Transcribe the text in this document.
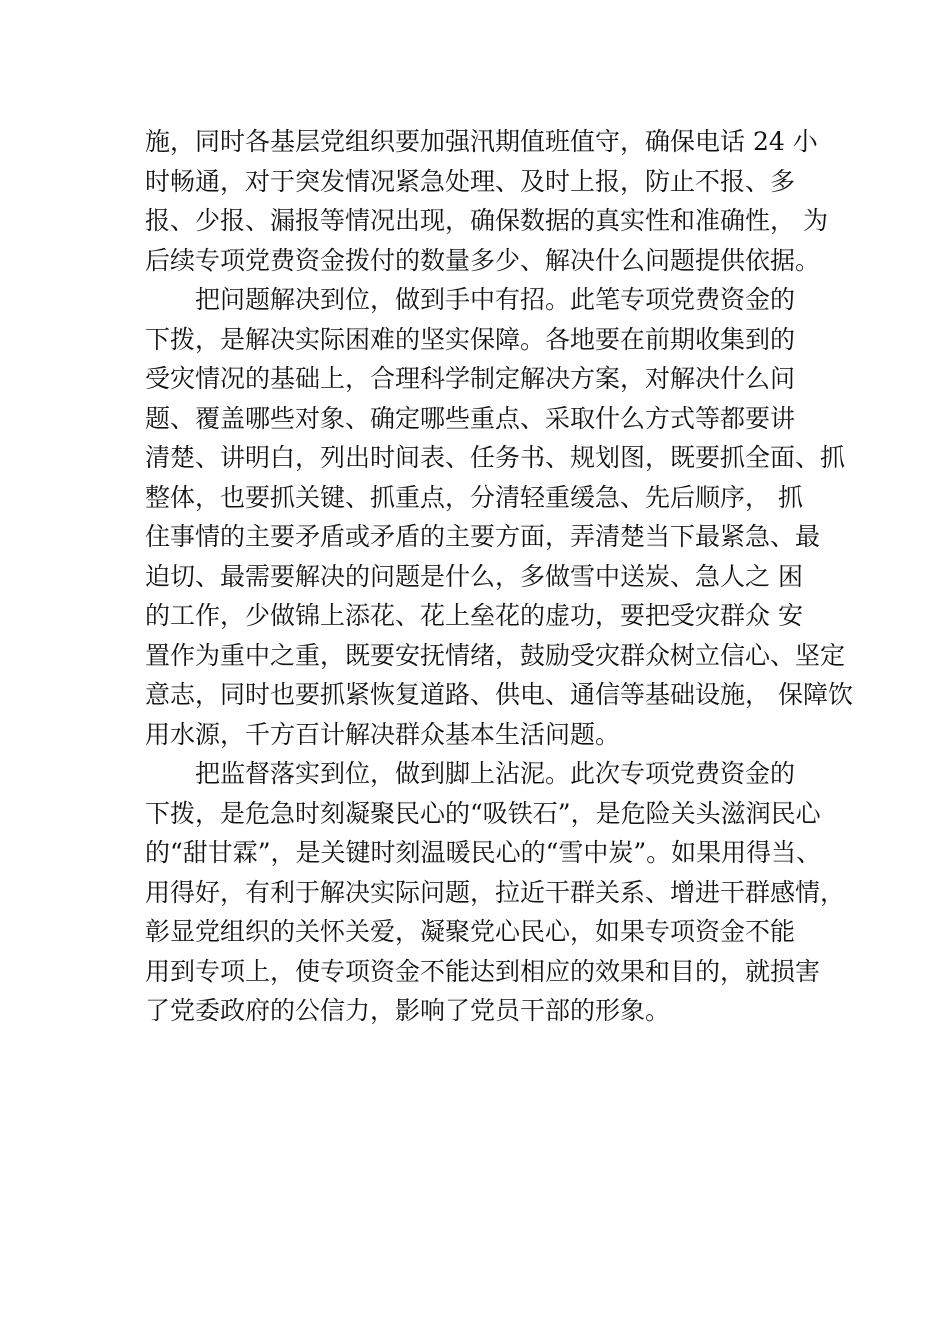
施，同时各基层党组织要加强汛期值班值守，确保电话 24 小
时畅通，对于突发情况紧急处理、及时上报，防止不报、多
报、少报、漏报等情况出现，确保数据的真实性和准确性， 为
后续专项党费资金拨付的数量多少、解决什么问题提供依据。
把问题解决到位，做到手中有招。此笔专项党费资金的
下拨，是解决实际困难的坚实保障。各地要在前期收集到的
受灾情况的基础上，合理科学制定解决方案，对解决什么问
题、覆盖哪些对象、确定哪些重点、采取什么方式等都要讲
清楚、讲明白，列出时间表、任务书、规划图，既要抓全面、抓
整体，也要抓关键、抓重点，分清轻重缓急、先后顺序， 抓
住事情的主要矛盾或矛盾的主要方面，弄清楚当下最紧急、最
迫切、最需要解决的问题是什么，多做雪中送炭、急人之 困
的工作，少做锦上添花、花上垒花的虚功，要把受灾群众 安
置作为重中之重，既要安抚情绪，鼓励受灾群众树立信心、坚定
意志，同时也要抓紧恢复道路、供电、通信等基础设施， 保障饮
用水源，千方百计解决群众基本生活问题。
把监督落实到位，做到脚上沾泥。此次专项党费资金的
下拨，是危急时刻凝聚民心的“吸铁石”，是危险关头滋润民心
的“甜甘霖”，是关键时刻温暖民心的“雪中炭”。如果用得当、
用得好，有利于解决实际问题，拉近干群关系、增进干群感情，
彰显党组织的关怀关爱，凝聚党心民心，如果专项资金不能
用到专项上，使专项资金不能达到相应的效果和目的，就损害
了党委政府的公信力，影响了党员干部的形象。
